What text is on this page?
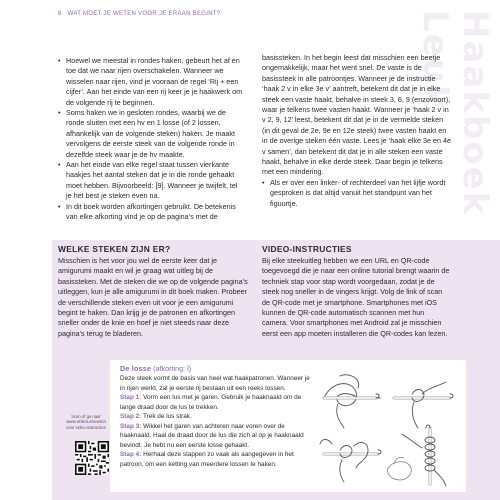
Haakboek Leuk
8 WAT MOET JE WETEN VOOR JE ERAAN BEGINT?
• Hoewel we meestal in rondes haken, gebeurt het af en toe dat we naar rijen overschakelen. Wanneer we wisselen naar rijen, vind je vooraan de regel ‘Rij + een cijfer’. Aan het einde van een rij keer je je haakwerk om de volgende rij te beginnen.
• Soms haken we in gesloten rondes, waarbij we de ronde sluiten met een hv en 1 losse (of 2 lossen, afhankelijk van de volgende steken) haken. Je maakt vervolgens de eerste steek van de volgende ronde in dezelfde steek waar je de hv maakte.
• Aan het einde van elke regel staat tussen vierkante haakjes het aantal steken dat je in die ronde gehaakt moet hebben. Bijvoorbeeld: [9]. Wanneer je twijfelt, tel je het best je steken even na.
• In dit boek worden afkortingen gebruikt. De betekenis van elke afkorting vind je op de pagina’s met de

basissteken. In het begin leest dat misschien een beetje ongemakkelijk, maar het went snel. De vaste is de basissteek in alle patroontjes. Wanneer je de instructie ‘haak 2 v in elke 3e v’ aantreft, betekent dit dat je in elke steek een vaste haakt, behalve in steek 3, 6, 9 (enzovoort), waar je telkens twee vasten haakt. Wanneer je ‘haak 2 v in v 2, 9, 12’ leest, betekent dit dat je in de vermelde steken (in dit geval de 2e, 9e en 12e steek) twee vasten haakt en in de overige steken één vaste. Lees je ‘haak elke 3e en 4e v samen’, dan betekent dit dat je in alle steken een vaste haakt, behalve in elke derde steek. Daar begin je telkens met een mindering.

• Als er over een linker- of rechterdeel van het lijfje wordt gesproken is dat altijd vanuit het standpunt van het figuurtje.
WELKE STEKEN ZIJN ER?
Misschien is het voor jou wel de eerste keer dat je amigurumi maakt en wil je graag wat uitleg bij de basissteken. Met de steken die we op de volgende pagina’s uitleggen, kun je alle amigurumi in dit boek maken. Probeer de verschillende steken even uit voor je een amigurumi begint te haken. Dan krijg je de patronen en afkortingen sneller onder de knie en hoef je niet steeds naar deze pagina’s terug te bladeren.
VIDEO-INSTRUCTIES
Bij elke steekuitleg hebben we een URL en QR-code toegevoegd die je naar een online tutorial brengt waarin de techniek stap voor stap wordt voorgedaan, zodat je de steek nog sneller in de vingers krijgt. Volg de link of scan de QR-code met je smartphone. Smartphones met iOS kunnen de QR-code automatisch scannen met hun camera. Voor smartphones met Android zal je misschien eerst een app moeten installeren die QR-codes kan lezen.
De losse (afkorting: l)

Deze steek vormt de basis van heel wat haakpatronen. Wanneer je in rijen werkt, zal je eerste rij bestaan uit een reeks lossen.

Stap 1: Vorm een lus met je garen. Gebruik je haaknaald om de lange draad door de lus te trekken.

Stap 2: Trek de lus strak.

Stap 3: Wikkel het garen van achteren naar voren over de haaknaald. Haal de draad door de lus die zich al op je haaknaald bevindt. Je hebt nu een eerste losse gehaakt.

Stap 4: Herhaal deze stappen zo vaak als aangegeven in het patroon, om een ketting van meerdere lossen te haken.

Scan of ga naar
www.stitch.show/ch
voor video-instructies
